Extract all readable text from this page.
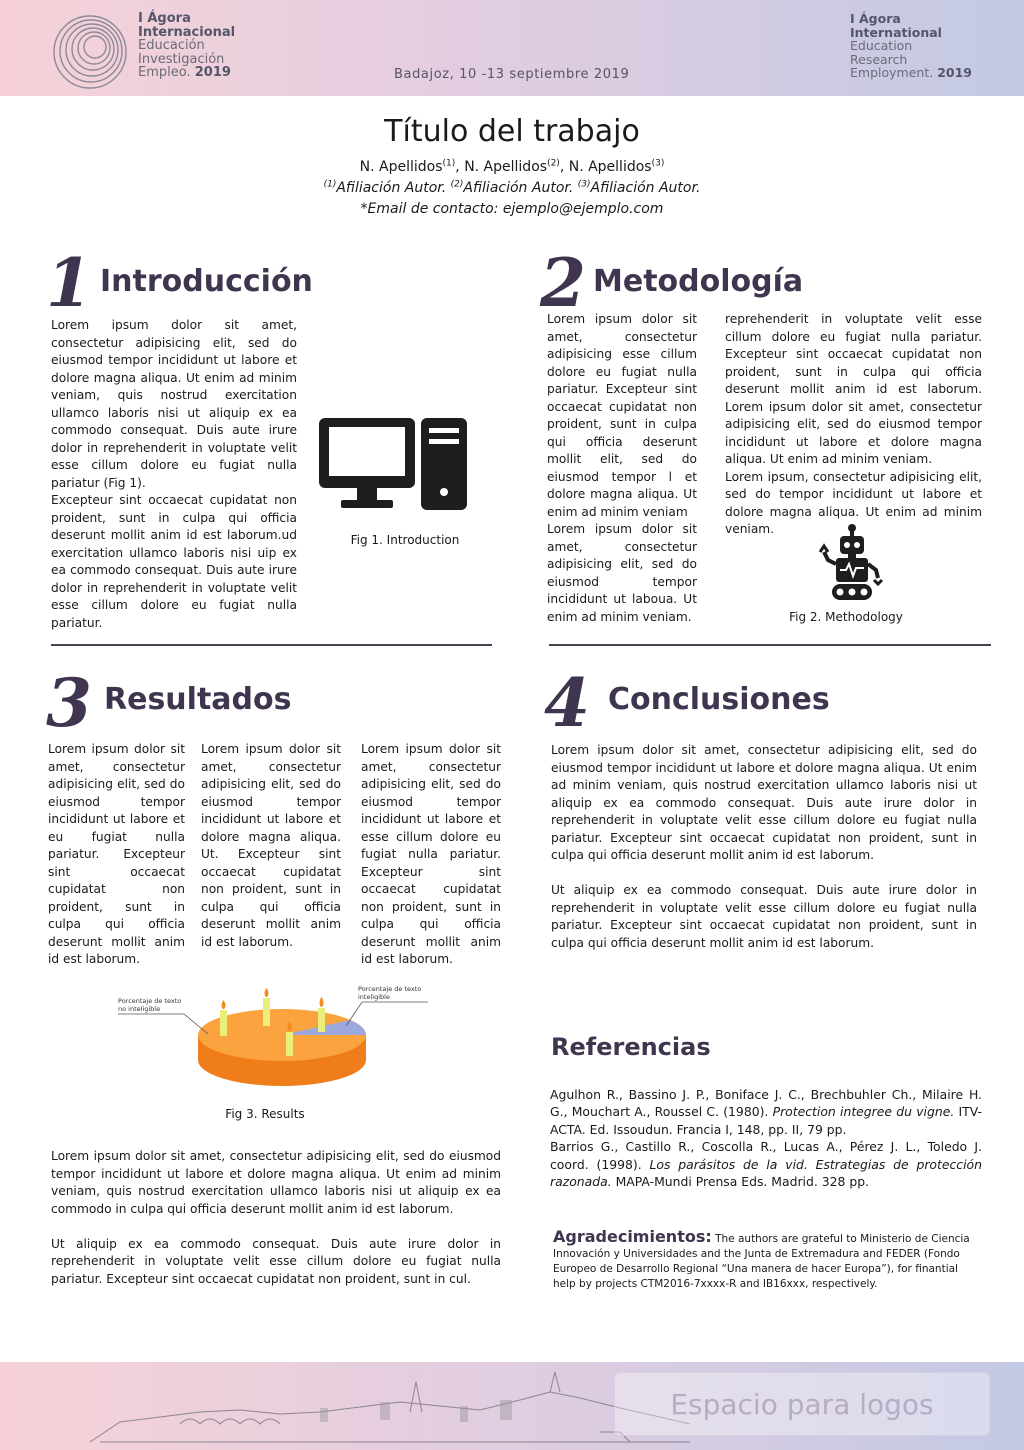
I Ágora
Internacional
Educación
Investigación
Empleo. 2019	Badajoz, 10 -13 septiembre 2019
I Ágora
International
Education
Research
Employment. 2019
Título del trabajo
N. Apellidos$^{(1)}$, N. Apellidos$^{(2)}$, N. Apellidos$^{(3)}$
$^{(1)}$Afiliación Autor. $^{(2)}$Afiliación Autor. $^{(3)}$Afiliación Autor.
*Email de contacto: ejemplo@ejemplo.com
1 Introducción

Lorem ipsum dolor sit amet, consectetur adipisicing elit, sed do eiusmod tempor incididunt ut labore et dolore magna aliqua. Ut enim ad minim veniam, quis nostrud exercitation ullamco laboris nisi ut aliquip ex ea commodo consequat. Duis aute irure dolor in reprehenderit in voluptate velit esse cillum dolore eu fugiat nulla pariatur (Fig 1).

Excepteur sint occaecat cupidatat non proident, sunt in culpa qui officia deserunt mollit anim id est laborum.ud exercitation ullamco laboris nisi uip ex ea commodo consequat. Duis aute irure dolor in reprehenderit in voluptate velit esse cillum dolore eu fugiat nulla pariatur.

Fig 1. Introduction
2 Metodología

Lorem ipsum dolor sit amet, consectetur adipisicing esse cillum dolore eu fugiat nulla pariatur. Excepteur sint occaecat cupidatat non proident, sunt in culpa qui officia deserunt mollit elit, sed do eiusmod tempor l et dolore magna aliqua. Ut enim ad minim veniam

Lorem ipsum dolor sit amet, consectetur adipisicing elit, sed do eiusmod tempor incididunt ut laboua. Ut enim ad minim veniam.

reprehenderit in voluptate velit esse cillum dolore eu fugiat nulla pariatur. Excepteur sint occaecat cupidatat non proident, sunt in culpa qui officia deserunt mollit anim id est laborum. Lorem ipsum dolor sit amet, consectetur adipisicing elit, sed do eiusmod tempor incididunt ut labore et dolore magna aliqua. Ut enim ad minim veniam.

Lorem ipsum, consectetur adipisicing elit, sed do tempor incididunt ut labore et dolore magna aliqua. Ut enim ad minim veniam.

Fig 2. Methodology
3 Resultados

Lorem ipsum dolor sit amet, consectetur adipisicing elit, sed do eiusmod tempor incididunt ut labore et eu fugiat nulla pariatur. Excepteur sint occaecat cupidatat non proident, sunt in culpa qui officia deserunt mollit anim id est laborum.

Lorem ipsum dolor sit amet, consectetur adipisicing elit, sed do eiusmod tempor incididunt ut labore et dolore magna aliqua. Ut. Excepteur sint occaecat cupidatat non proident, sunt in culpa qui officia deserunt mollit anim id est laborum.

Lorem ipsum dolor sit amet, consectetur adipisicing elit, sed do eiusmod tempor incididunt ut labore et esse cillum dolore eu fugiat nulla pariatur. Excepteur sint occaecat cupidatat non proident, sunt in culpa qui officia deserunt mollit anim id est laborum.

Porcentaje de texto
no inteligible
Porcentaje de texto
inteligible
Fig 3. Results

Lorem ipsum dolor sit amet, consectetur adipisicing elit, sed do eiusmod tempor incididunt ut labore et dolore magna aliqua. Ut enim ad minim veniam, quis nostrud exercitation ullamco laboris nisi ut aliquip ex ea commodo in culpa qui officia deserunt mollit anim id est laborum.

Ut aliquip ex ea commodo consequat. Duis aute irure dolor in reprehenderit in voluptate velit esse cillum dolore eu fugiat nulla pariatur. Excepteur sint occaecat cupidatat non proident, sunt in cul.

4 Conclusiones

Lorem ipsum dolor sit amet, consectetur adipisicing elit, sed do eiusmod tempor incididunt ut labore et dolore magna aliqua. Ut enim ad minim veniam, quis nostrud exercitation ullamco laboris nisi ut aliquip ex ea commodo consequat. Duis aute irure dolor in reprehenderit in voluptate velit esse cillum dolore eu fugiat nulla pariatur. Excepteur sint occaecat cupidatat non proident, sunt in culpa qui officia deserunt mollit anim id est laborum.

Ut aliquip ex ea commodo consequat. Duis aute irure dolor in reprehenderit in voluptate velit esse cillum dolore eu fugiat nulla pariatur. Excepteur sint occaecat cupidatat non proident, sunt in culpa qui officia deserunt mollit anim id est laborum.

Referencias

Agulhon R., Bassino J. P., Boniface J. C., Brechbuhler Ch., Milaire H. G., Mouchart A., Roussel C. (1980). Protection integree du vigne. ITV-ACTA. Ed. Issoudun. Francia I, 148, pp. II, 79 pp.

Barrios G., Castillo R., Coscolla R., Lucas A., Pérez J. L., Toledo J. coord. (1998). Los parásitos de la vid. Estrategias de protección razonada. MAPA-Mundi Prensa Eds. Madrid. 328 pp.

Agradecimientos: The authors are grateful to Ministerio de Ciencia Innovación y Universidades and the Junta de Extremadura and FEDER (Fondo Europeo de Desarrollo Regional “Una manera de hacer Europa”), for finantial help by projects CTM2016-7xxxx-R and IB16xxx, respectively.
Espacio para logos
